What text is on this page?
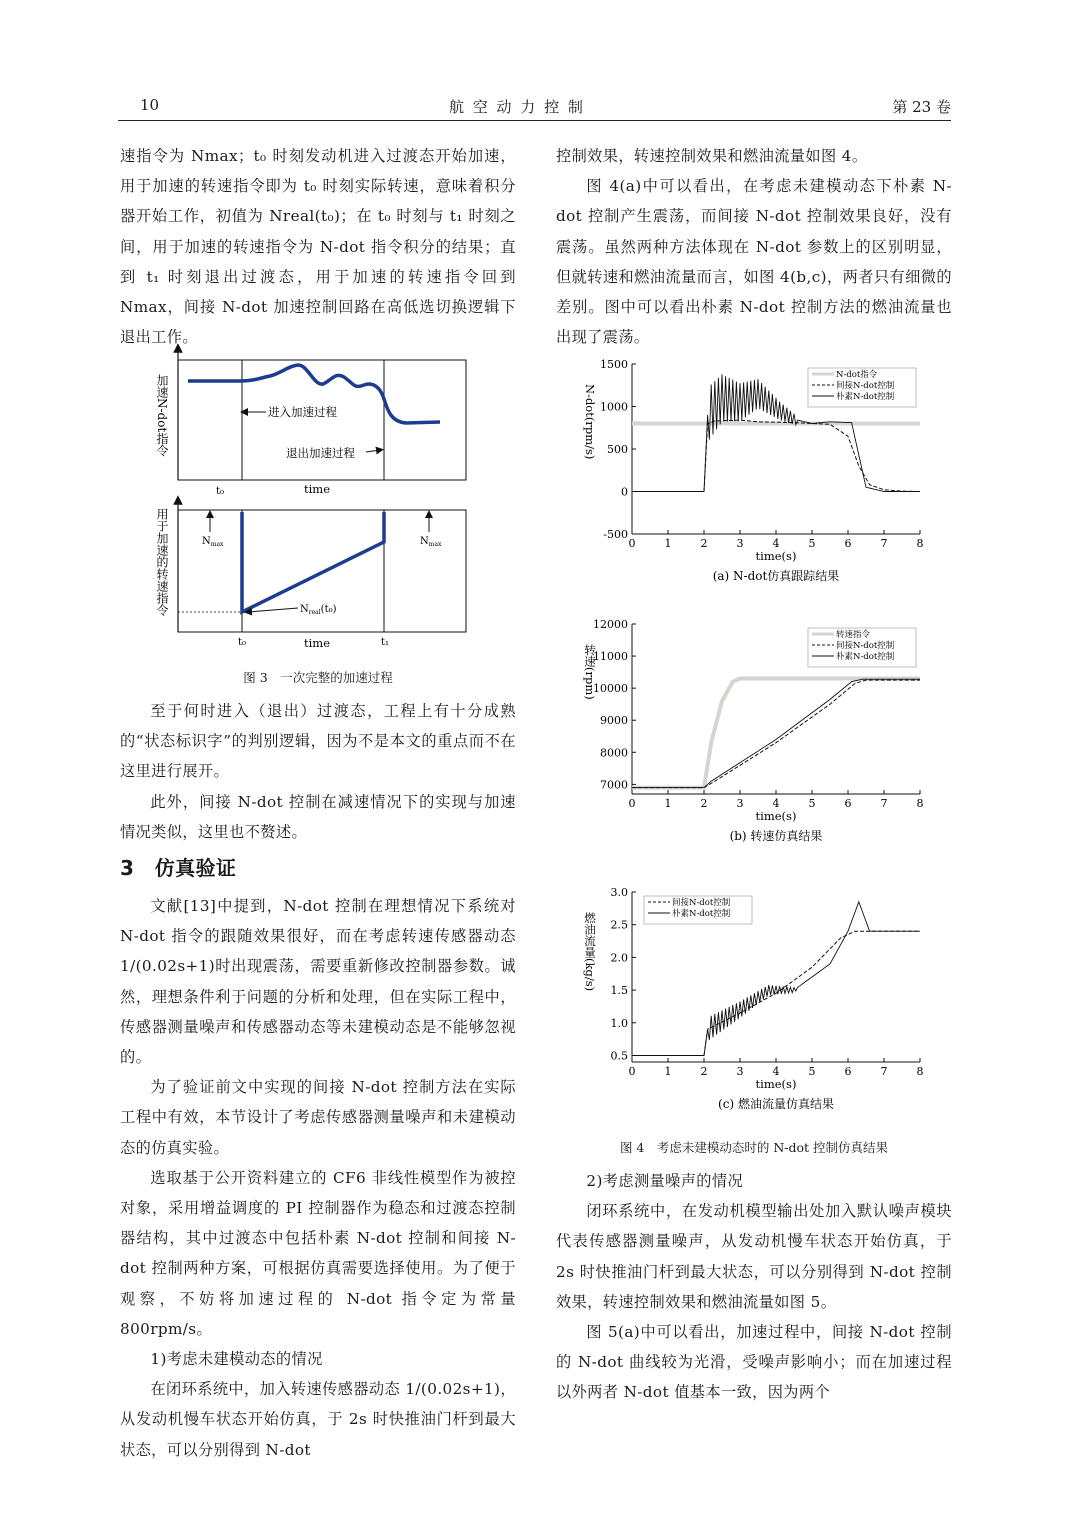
10	航 空 动 力 控 制	第 23 卷

速指令为 Nmax；t₀ 时刻发动机进入过渡态开始加速，用于加速的转速指令即为 t₀ 时刻实际转速，意味着积分器开始工作，初值为 Nreal(t₀)；在 t₀ 时刻与 t₁ 时刻之间，用于加速的转速指令为 N-dot 指令积分的结果；直到 t₁ 时刻退出过渡态，用于加速的转速指令回到 Nmax，间接 N-dot 加速控制回路在高低选切换逻辑下退出工作。

进入加速过程
退出加速过程
t₀	time
加速N-dot指令
$N_{max}$	$N_{max}$
$N_{real}(t_0)$
t₀	time	t₁
用于加速的转速指令
图 3　一次完整的加速过程

至于何时进入（退出）过渡态，工程上有十分成熟的“状态标识字”的判别逻辑，因为不是本文的重点而不在这里进行展开。

此外，间接 N-dot 控制在减速情况下的实现与加速情况类似，这里也不赘述。

3　仿真验证

文献[13]中提到，N-dot 控制在理想情况下系统对 N-dot 指令的跟随效果很好，而在考虑转速传感器动态 1/(0.02s+1)时出现震荡，需要重新修改控制器参数。诚然，理想条件利于问题的分析和处理，但在实际工程中，传感器测量噪声和传感器动态等未建模动态是不能够忽视的。

为了验证前文中实现的间接 N-dot 控制方法在实际工程中有效，本节设计了考虑传感器测量噪声和未建模动态的仿真实验。

选取基于公开资料建立的 CF6 非线性模型作为被控对象，采用增益调度的 PI 控制器作为稳态和过渡态控制器结构，其中过渡态中包括朴素 N-dot 控制和间接 N-dot 控制两种方案，可根据仿真需要选择使用。为了便于观察，不妨将加速过程的 N-dot 指令定为常量 800rpm/s。

1)考虑未建模动态的情况

在闭环系统中，加入转速传感器动态 1/(0.02s+1)，从发动机慢车状态开始仿真，于 2s 时快推油门杆到最大状态，可以分别得到 N-dot

控制效果，转速控制效果和燃油流量如图 4。

图 4(a)中可以看出，在考虑未建模动态下朴素 N-dot 控制产生震荡，而间接 N-dot 控制效果良好，没有震荡。虽然两种方法体现在 N-dot 参数上的区别明显，但就转速和燃油流量而言，如图 4(b,c)，两者只有细微的差别。图中可以看出朴素 N-dot 控制方法的燃油流量也出现了震荡。

0	1	2	3	4	5	6	7	8
-500
0
500
1000
1500
time(s)
N-dot(rpm/s)
(a) N-dot仿真跟踪结果
N-dot指令
间接N-dot控制
朴素N-dot控制
0	1	2	3	4	5	6	7	8
7000
8000
9000
10000
11000
12000
time(s)
转速(rpm)
(b) 转速仿真结果
转速指令
间接N-dot控制
朴素N-dot控制
0	1	2	3	4	5	6	7	8
0.5
1.0
1.5
2.0
2.5
3.0
time(s)
燃油流量(kg/s)
(c) 燃油流量仿真结果
间接N-dot控制
朴素N-dot控制
图 4　考虑未建模动态时的 N-dot 控制仿真结果

2)考虑测量噪声的情况

闭环系统中，在发动机模型输出处加入默认噪声模块代表传感器测量噪声，从发动机慢车状态开始仿真，于 2s 时快推油门杆到最大状态，可以分别得到 N-dot 控制效果，转速控制效果和燃油流量如图 5。

图 5(a)中可以看出，加速过程中，间接 N-dot 控制的 N-dot 曲线较为光滑，受噪声影响小；而在加速过程以外两者 N-dot 值基本一致，因为两个
